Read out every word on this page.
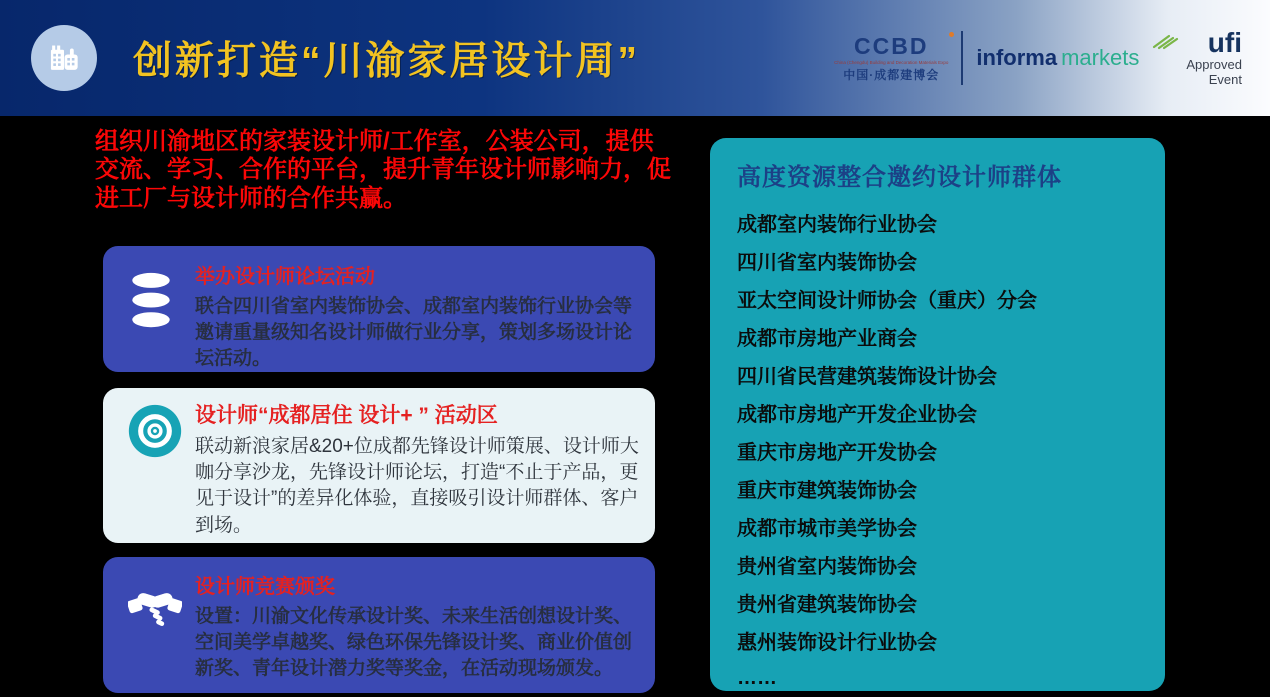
创新打造“川渝家居设计周”	CCBD
China (Chengdu) Building and Decoration Materials Expo
中国·成都建博会
informa markets	ufi
Approved
Event

组织川渝地区的家装设计师/工作室，公装公司，提供交流、学习、合作的平台，提升青年设计师影响力，促进工厂与设计师的合作共赢。

举办设计师论坛活动

联合四川省室内装饰协会、成都室内装饰行业协会等邀请重量级知名设计师做行业分享，策划多场设计论坛活动。

设计师“成都居住 设计+ ” 活动区

联动新浪家居&20+位成都先锋设计师策展、设计师大咖分享沙龙，先锋设计师论坛，打造“不止于产品，更见于设计”的差异化体验，直接吸引设计师群体、客户到场。

设计师竞赛颁奖

设置：川渝文化传承设计奖、未来生活创想设计奖、空间美学卓越奖、绿色环保先锋设计奖、商业价值创新奖、青年设计潜力奖等奖金，在活动现场颁发。

高度资源整合邀约设计师群体
成都室内装饰行业协会
四川省室内装饰协会
亚太空间设计师协会（重庆）分会
成都市房地产业商会
四川省民营建筑装饰设计协会
成都市房地产开发企业协会
重庆市房地产开发协会
重庆市建筑装饰协会
成都市城市美学协会
贵州省室内装饰协会
贵州省建筑装饰协会
惠州装饰设计行业协会
……
